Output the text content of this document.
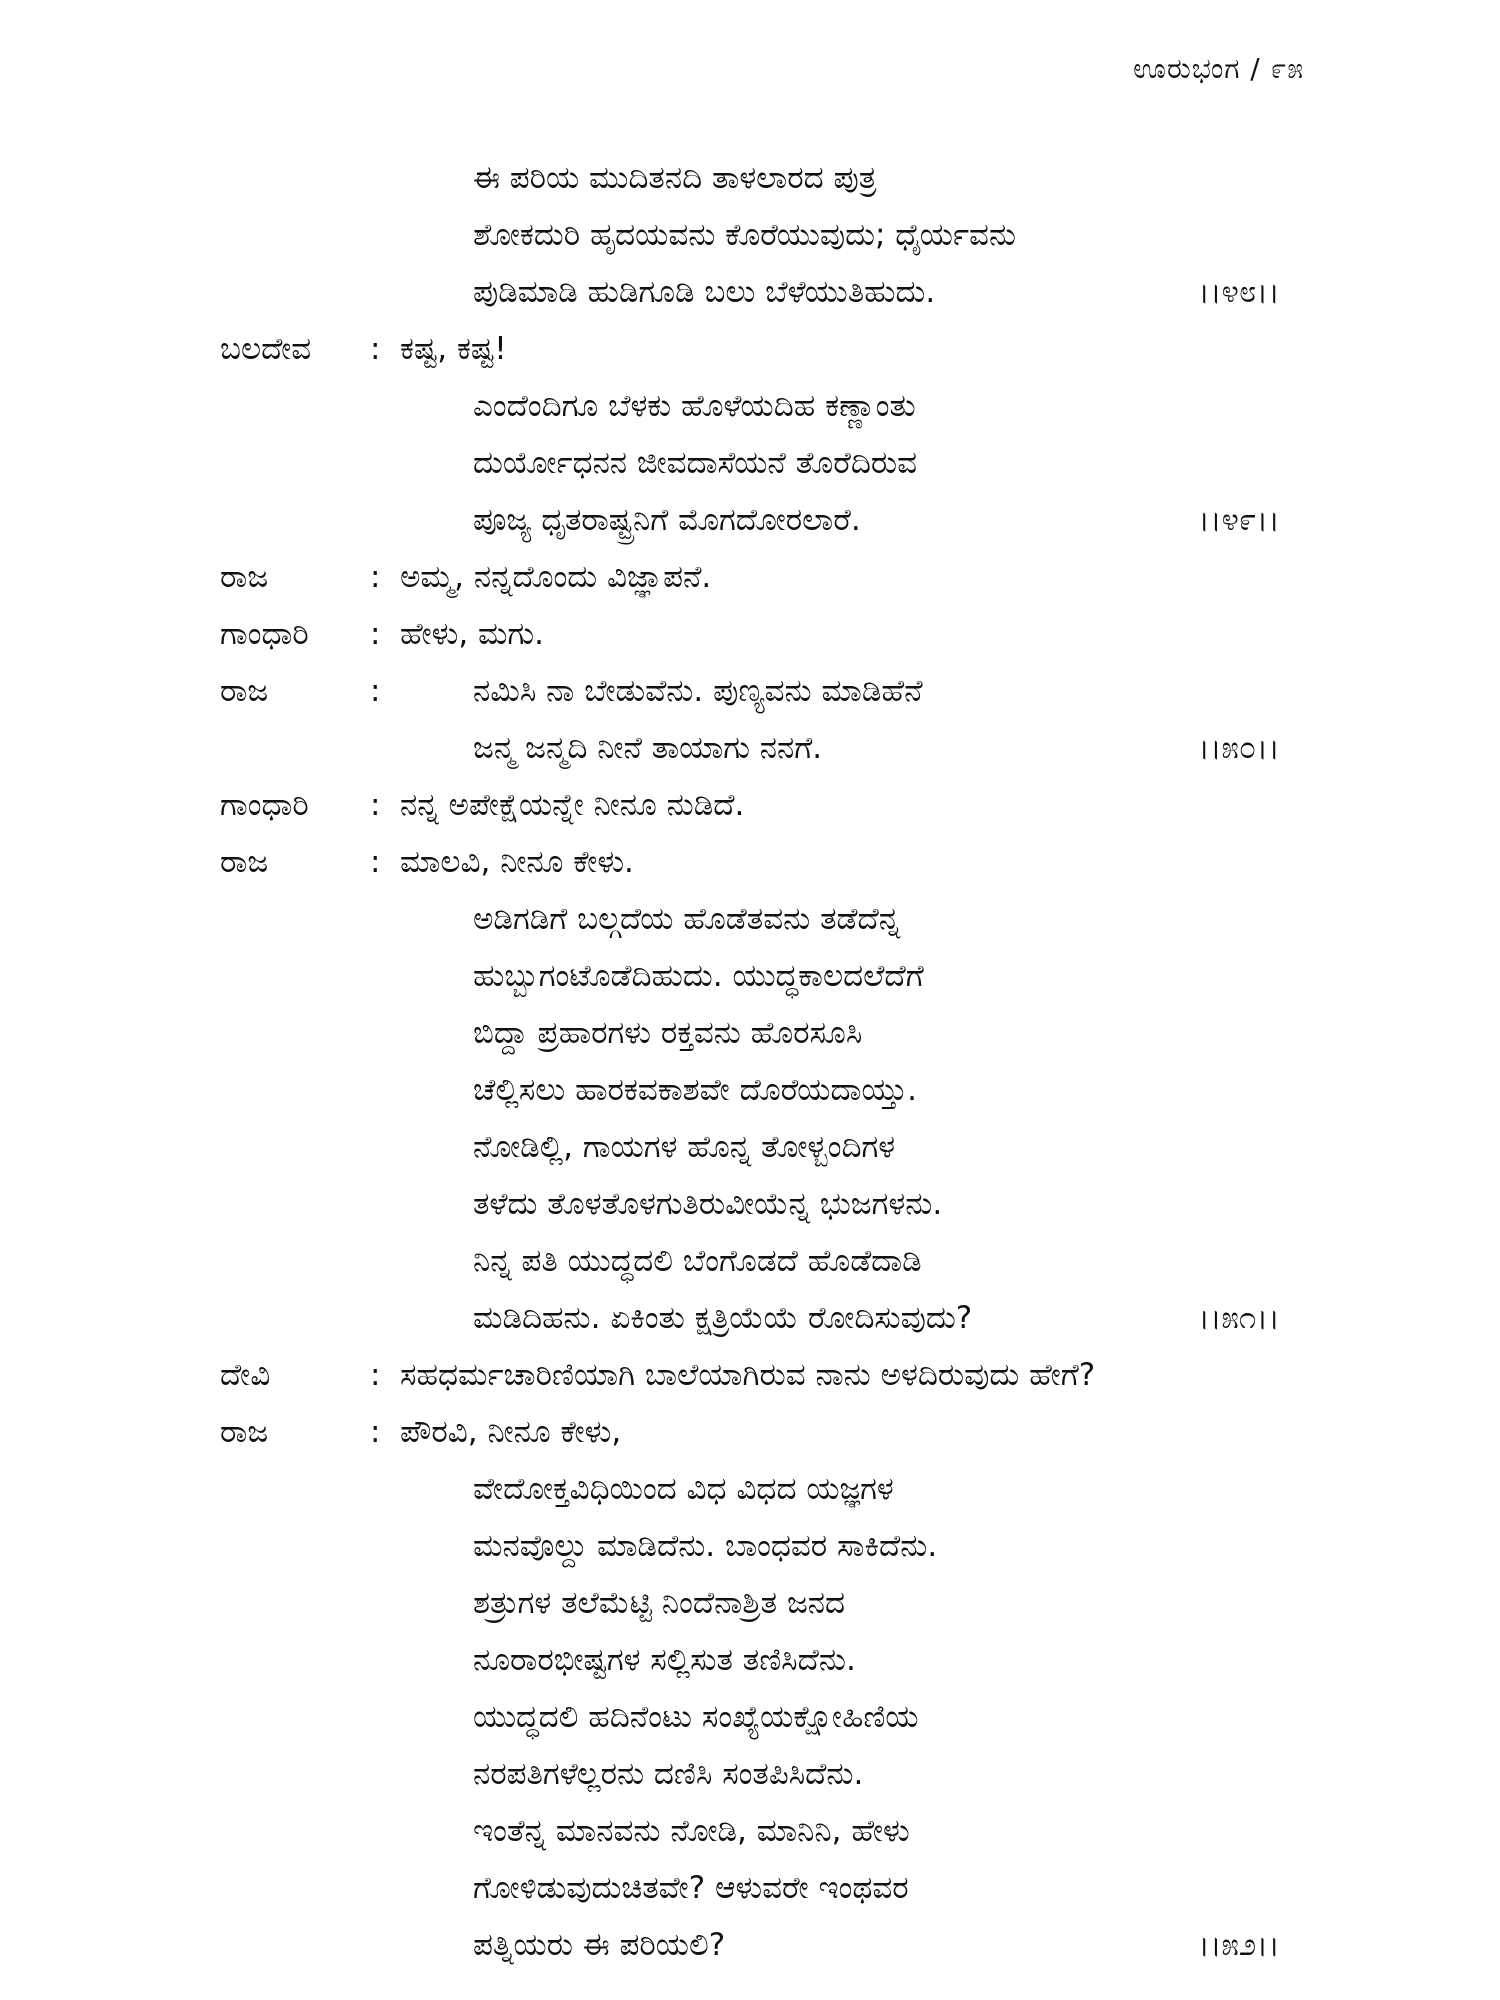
ಊರುಭಂಗ / ೯೫
ಈ ಪರಿಯ ಮುದಿತನದಿ ತಾಳಲಾರದ ಪುತ್ರ
ಶೋಕದುರಿ ಹೃದಯವನು ಕೊರೆಯುವುದು; ಧೈರ್ಯವನು
ಪುಡಿಮಾಡಿ ಹುಡಿಗೂಡಿ ಬಲು ಬೆಳೆಯುತಿಹುದು.	।।೪೮।।
ಬಲದೇವ : ಕಷ್ಟ, ಕಷ್ಟ!
ಎಂದೆಂದಿಗೂ ಬೆಳಕು ಹೊಳೆಯದಿಹ ಕಣ್ಣಾಂತು
ದುರ್ಯೋಧನನ ಜೀವದಾಸೆಯನೆ ತೊರೆದಿರುವ
ಪೂಜ್ಯ ಧೃತರಾಷ್ಟ್ರನಿಗೆ ಮೊಗದೋರಲಾರೆ.	।।೪೯।।
ರಾಜ	: ಅಮ್ಮ, ನನ್ನದೊಂದು ವಿಜ್ಞಾಪನೆ.
ಗಾಂಧಾರಿ : ಹೇಳು, ಮಗು.
ರಾಜ	:	ನಮಿಸಿ ನಾ ಬೇಡುವೆನು. ಪುಣ್ಯವನು ಮಾಡಿಹೆನೆ
ಜನ್ಮ ಜನ್ಮದಿ ನೀನೆ ತಾಯಾಗು ನನಗೆ.	।।೫೦।।
ಗಾಂಧಾರಿ : ನನ್ನ ಅಪೇಕ್ಷೆಯನ್ನೇ ನೀನೂ ನುಡಿದೆ.
ರಾಜ	: ಮಾಲವಿ, ನೀನೂ ಕೇಳು.
ಅಡಿಗಡಿಗೆ ಬಲ್ಗದೆಯ ಹೊಡೆತವನು ತಡೆದೆನ್ನ
ಹುಬ್ಬುಗಂಟೊಡೆದಿಹುದು. ಯುದ್ಧಕಾಲದಲೆದೆಗೆ
ಬಿದ್ದಾ ಪ್ರಹಾರಗಳು ರಕ್ತವನು ಹೊರಸೂಸಿ
ಚೆಲ್ಲಿಸಲು ಹಾರಕವಕಾಶವೇ ದೊರೆಯದಾಯ್ತು.
ನೋಡಿಲ್ಲಿ, ಗಾಯಗಳ ಹೊನ್ನ ತೋಳ್ಬಂದಿಗಳ
ತಳೆದು ತೊಳತೊಳಗುತಿರುವೀಯೆನ್ನ ಭುಜಗಳನು.
ನಿನ್ನ ಪತಿ ಯುದ್ಧದಲಿ ಬೆಂಗೊಡದೆ ಹೊಡೆದಾಡಿ
ಮಡಿದಿಹನು. ಏಕಿಂತು ಕ್ಷತ್ರಿಯೆಯೆ ರೋದಿಸುವುದು?	।।೫೧।।
ದೇವಿ	: ಸಹಧರ್ಮಚಾರಿಣಿಯಾಗಿ ಬಾಲೆಯಾಗಿರುವ ನಾನು ಅಳದಿರುವುದು ಹೇಗೆ?
ರಾಜ	: ಪೌರವಿ, ನೀನೂ ಕೇಳು,
ವೇದೋಕ್ತವಿಧಿಯಿಂದ ವಿಧ ವಿಧದ ಯಜ್ಞಗಳ
ಮನವೊಲ್ದು ಮಾಡಿದೆನು. ಬಾಂಧವರ ಸಾಕಿದೆನು.
ಶತ್ರುಗಳ ತಲೆಮೆಟ್ಟಿ ನಿಂದೆನಾಶ್ರಿತ ಜನದ
ನೂರಾರಭೀಷ್ಟಗಳ ಸಲ್ಲಿಸುತ ತಣಿಸಿದೆನು.
ಯುದ್ಧದಲಿ ಹದಿನೆಂಟು ಸಂಖ್ಯೆಯಕ್ಷೋಹಿಣಿಯ
ನರಪತಿಗಳೆಲ್ಲರನು ದಣಿಸಿ ಸಂತಪಿಸಿದೆನು.
ಇಂತೆನ್ನ ಮಾನವನು ನೋಡಿ, ಮಾನಿನಿ, ಹೇಳು
ಗೋಳಿಡುವುದುಚಿತವೇ? ಆಳುವರೇ ಇಂಥವರ
ಪತ್ನಿಯರು ಈ ಪರಿಯಲಿ?	।।೫೨।।
